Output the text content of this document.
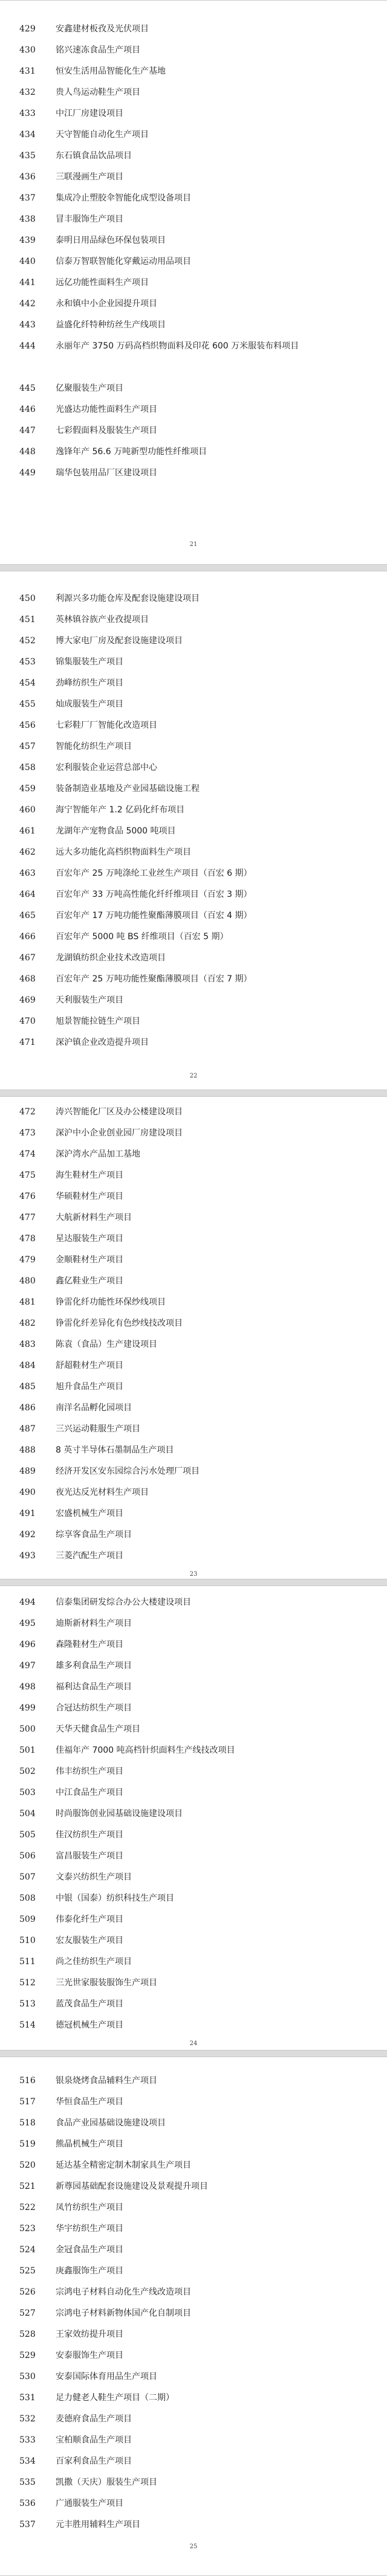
429	安鑫建材板孜及光伏项目
430	铭兴速冻食品生产项目
431	恒安生活用品智能化生产基地
432	贵人鸟运动鞋生产项目
433	中江厂房建设项目
434	天守智能自动化生产项目
435	东石镇食品饮品项目
436	三联漫画生产项目
437	集成冷止塑胶伞智能化成型设备项目
438	冒丰服饰生产项目
439	泰明日用品绿色环保包装项目
440	信泰万智联智能化穿戴运动用品项目
441	远亿功能性面料生产项目
442	永和镇中小企业园提升项目
443	益盛化纤特种纺丝生产线项目
444	永丽年产 3750 万码高档织物面料及印花 600 万米服装布料项目
445	亿聚服装生产项目
446	光盛达功能性面料生产项目
447	七彩假面料及服装生产项目
448	逸锋年产 56.6 万吨新型功能性纤维项目
449	瑞华包装用品厂区建设项目
21
450	利源兴多功能仓库及配套设施建设项目
451	英林镇谷族产业孜提项目
452	博大家电厂房及配套设施建设项目
453	锦集服装生产项目
454	劲峰纺织生产项目
455	灿成服装生产项目
456	七彩鞋厂厂智能化改造项目
457	智能化纺织生产项目
458	宏利服装企业运营总部中心
459	装备制造业基地及产业园基础设施工程
460	海宁智能年产 1.2 亿码化纤布项目
461	龙湖年产宠物食品 5000 吨项目
462	远大多功能化高档织物面料生产项目
463	百宏年产 25 万吨涤纶工业丝生产项目（百宏 6 期）
464	百宏年产 33 万吨高性能化纤纤维项目（百宏 3 期）
465	百宏年产 17 万吨功能性聚酯薄膜项目（百宏 4 期）
466	百宏年产 5000 吨 BS 纤维项目（百宏 5 期）
467	龙湖镇纺织企业技术改造项目
468	百宏年产 25 万吨功能性聚酯薄膜项目（百宏 7 期）
469	天利服装生产项目
470	旭景智能拉链生产项目
471	深沪镇企业改造提升项目
22
472	涛兴智能化厂区及办公楼建设项目
473	深沪中小企业创业园厂房建设项目
474	深沪湾水产品加工基地
475	海生鞋材生产项目
476	华硕鞋材生产项目
477	大航新材料生产项目
478	星达服装生产项目
479	金顺鞋材生产项目
480	鑫亿鞋业生产项目
481	铮雷化纤功能性环保纱线项目
482	铮雷化纤差异化有色纱线技改项目
483	陈袁（食品）生产建设项目
484	舒超鞋材生产项目
485	旭升食品生产项目
486	南洋名品孵化园项目
487	三兴运动鞋服生产项目
488	8 英寸半导体石墨制品生产项目
489	经济开发区安东园综合污水处理厂项目
490	夜光达反光材料生产项目
491	宏盛机械生产项目
492	综享客食品生产项目
493	三菱汽配生产项目
23
494	信泰集团研发综合办公大楼建设项目
495	迪斯新材料生产项目
496	森隆鞋材生产项目
497	雄多利食品生产项目
498	福利达食品生产项目
499	合冠达纺织生产项目
500	天华天健食品生产项目
501	佳福年产 7000 吨高档针织面料生产线技改项目
502	伟丰纺织生产项目
503	中江食品生产项目
504	时尚服饰创业园基础设施建设项目
505	佳汉纺织生产项目
506	富昌服装生产项目
507	文泰兴纺织生产项目
508	中银（国泰）纺织科技生产项目
509	伟泰化纤生产项目
510	宏友服装生产项目
511	尚之佳纺织生产项目
512	三光世家服装服饰生产项目
513	蓝茂食品生产项目
514	德冠机械生产项目
24
516	银泉烧烤食品辅料生产项目
517	华恒食品生产项目
518	食品产业园基础设施建设项目
519	熊晶机械生产项目
520	延达基全精密定制木制家具生产项目
521	新尊园基础配套设施建设及景观提升项目
522	凤竹纺织生产项目
523	华宇纺织生产项目
524	金冠食品生产项目
525	庚鑫服饰生产项目
526	宗鸿电子材料自动化生产线改造项目
527	宗鸿电子材料新物体国产化自制项目
528	王家效纺提升项目
529	安泰服饰生产项目
530	安泰国际体育用品生产项目
531	足力健老人鞋生产项目（二期）
532	麦德府食品生产项目
533	宝柏顺食品生产项目
534	百家利食品生产项目
535	凯撒（天庆）服装生产项目
536	广通服装生产项目
537	元丰胜用辅料生产项目
25
